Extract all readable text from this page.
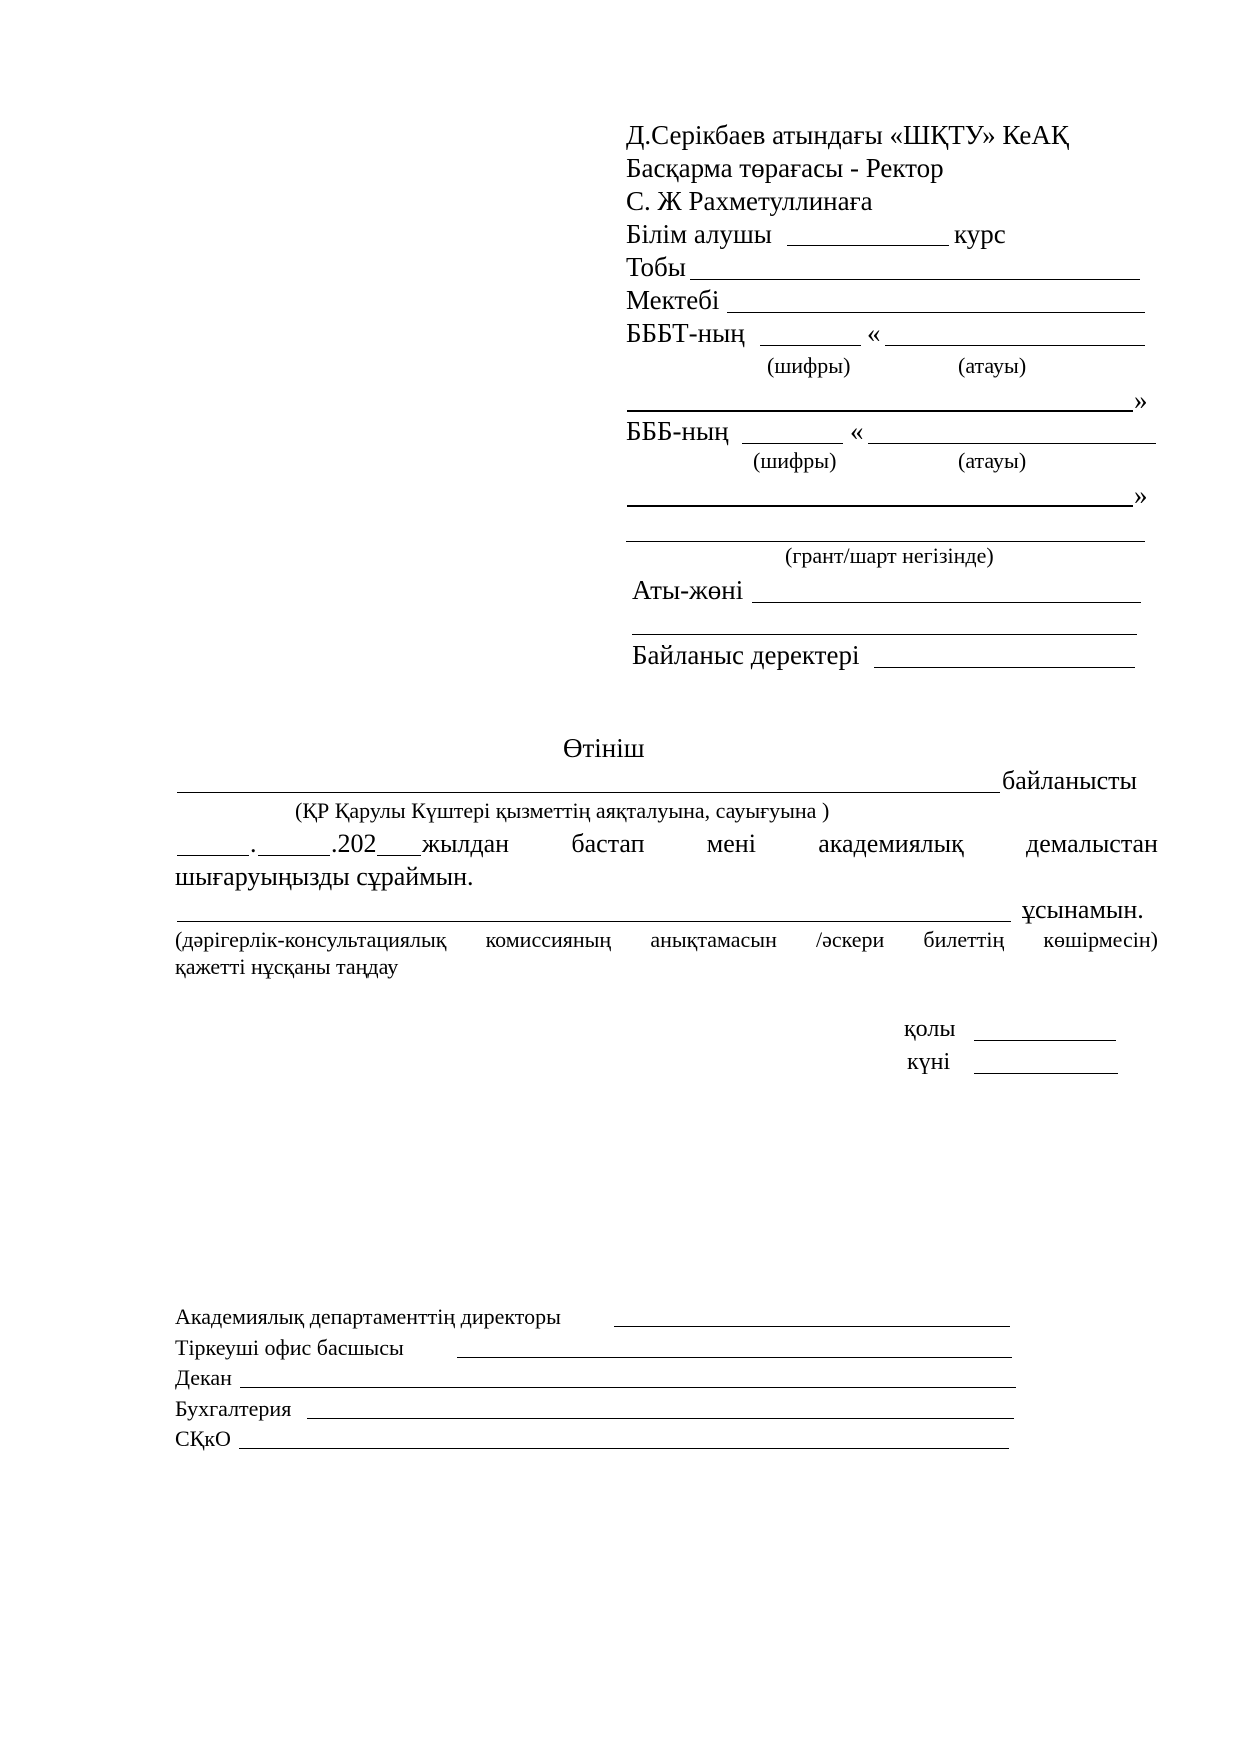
Д.Серікбаев атындағы «ШҚТУ» КеАҚ
Басқарма төрағасы - Ректор
С. Ж Рахметуллинаға
Білім алушы	курс
Тобы
Мектебі
БББТ-ның	«
(шифры)	(атауы)
»
БББ-ның	«
(шифры)	(атауы)
»
(грант/шарт негізінде)
Аты-жөні
Байланыс деректері
Өтініш
байланысты
(ҚР Қарулы Күштері қызметтің аяқталуына, сауығуына )
.	.202 жылдан бастап мені академиялық демалыстан
шығаруыңызды сұраймын.
ұсынамын.
(дәрігерлік-консультациялық комиссияның анықтамасын /әскери билеттің көшірмесін)
қажетті нұсқаны таңдау
қолы
күні
Академиялық департаменттің директоры
Тіркеуші офис басшысы
Декан
Бухгалтерия
СҚкО
